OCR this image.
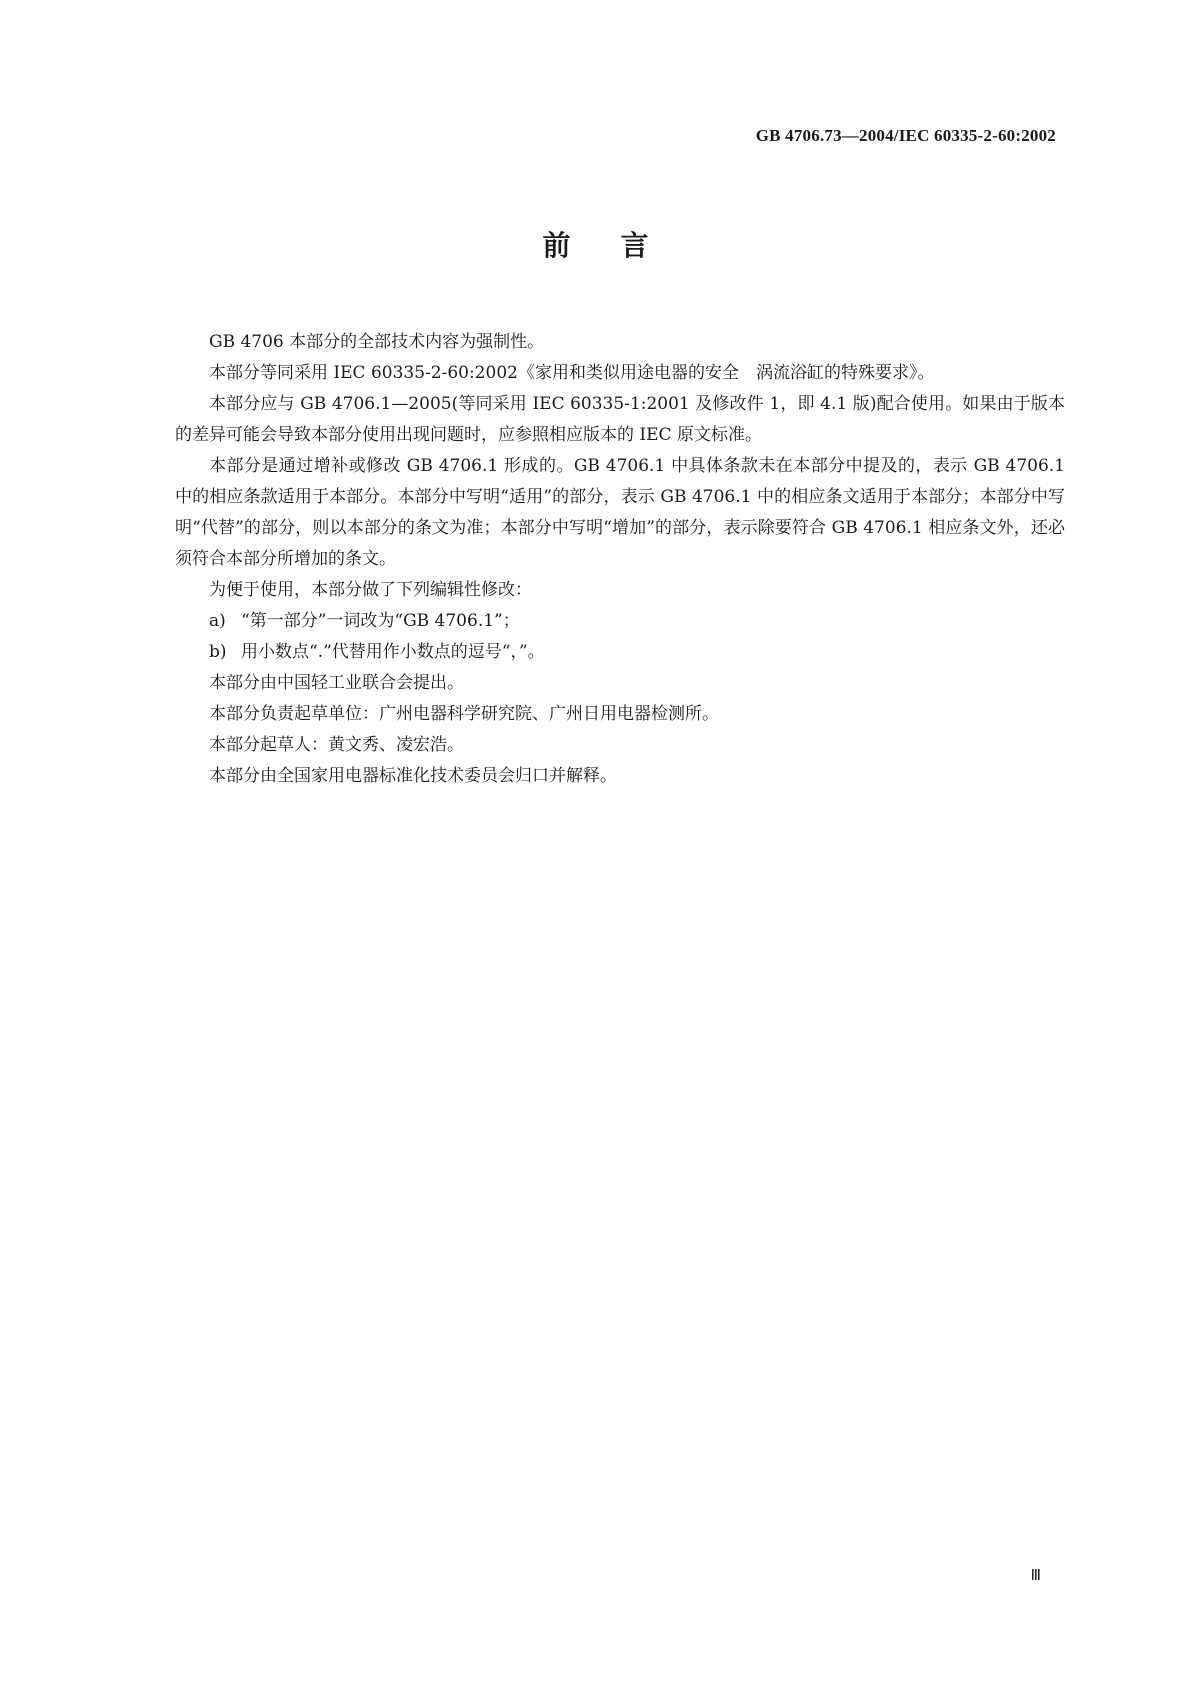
GB 4706.73—2004/IEC 60335-2-60:2002
前言

GB 4706 本部分的全部技术内容为强制性。

本部分等同采用 IEC 60335-2-60:2002《家用和类似用途电器的安全　涡流浴缸的特殊要求》。

本部分应与 GB 4706.1—2005(等同采用 IEC 60335-1:2001 及修改件 1，即 4.1 版)配合使用。如果由于版本的差异可能会导致本部分使用出现问题时，应参照相应版本的 IEC 原文标准。

本部分是通过增补或修改 GB 4706.1 形成的。GB 4706.1 中具体条款未在本部分中提及的，表示 GB 4706.1 中的相应条款适用于本部分。本部分中写明“适用”的部分，表示 GB 4706.1 中的相应条文适用于本部分；本部分中写明“代替”的部分，则以本部分的条文为准；本部分中写明“增加”的部分，表示除要符合 GB 4706.1 相应条文外，还必须符合本部分所增加的条文。

为便于使用，本部分做了下列编辑性修改：

a) “第一部分”一词改为“GB 4706.1”；
b) 用小数点“.”代替用作小数点的逗号“，”。

本部分由中国轻工业联合会提出。

本部分负责起草单位：广州电器科学研究院、广州日用电器检测所。

本部分起草人：黄文秀、凌宏浩。

本部分由全国家用电器标准化技术委员会归口并解释。

Ⅲ
